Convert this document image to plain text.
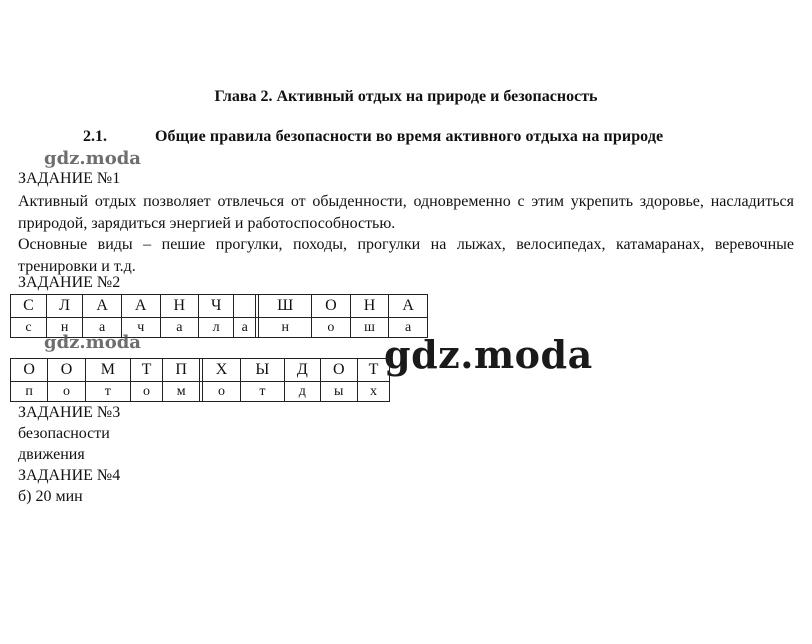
Глава 2. Активный отдых на природе и безопасность
2.1.	Общие правила безопасности во время активного отдыха на природе
gdz.moda
ЗАДАНИЕ №1
Активный отдых позволяет отвлечься от обыденности, одновременно с этим укрепить здоровье, насладиться природой, зарядиться энергией и работоспособностью.
Основные виды – пешие прогулки, походы, прогулки на лыжах, велосипедах, катамаранах, веревочные тренировки и т.д.
ЗАДАНИЕ №2
С	Л	А	А	Н	Ч			Ш	О	Н	А
с	н	а	ч	а	л	а		н	о	ш	а
gdz.moda	gdz.moda
О	О	М	Т	П		Х	Ы	Д	О	Т
п	о	т	о	м		о	т	д	ы	х
ЗАДАНИЕ №3
безопасности
движения
ЗАДАНИЕ №4
б) 20 мин
